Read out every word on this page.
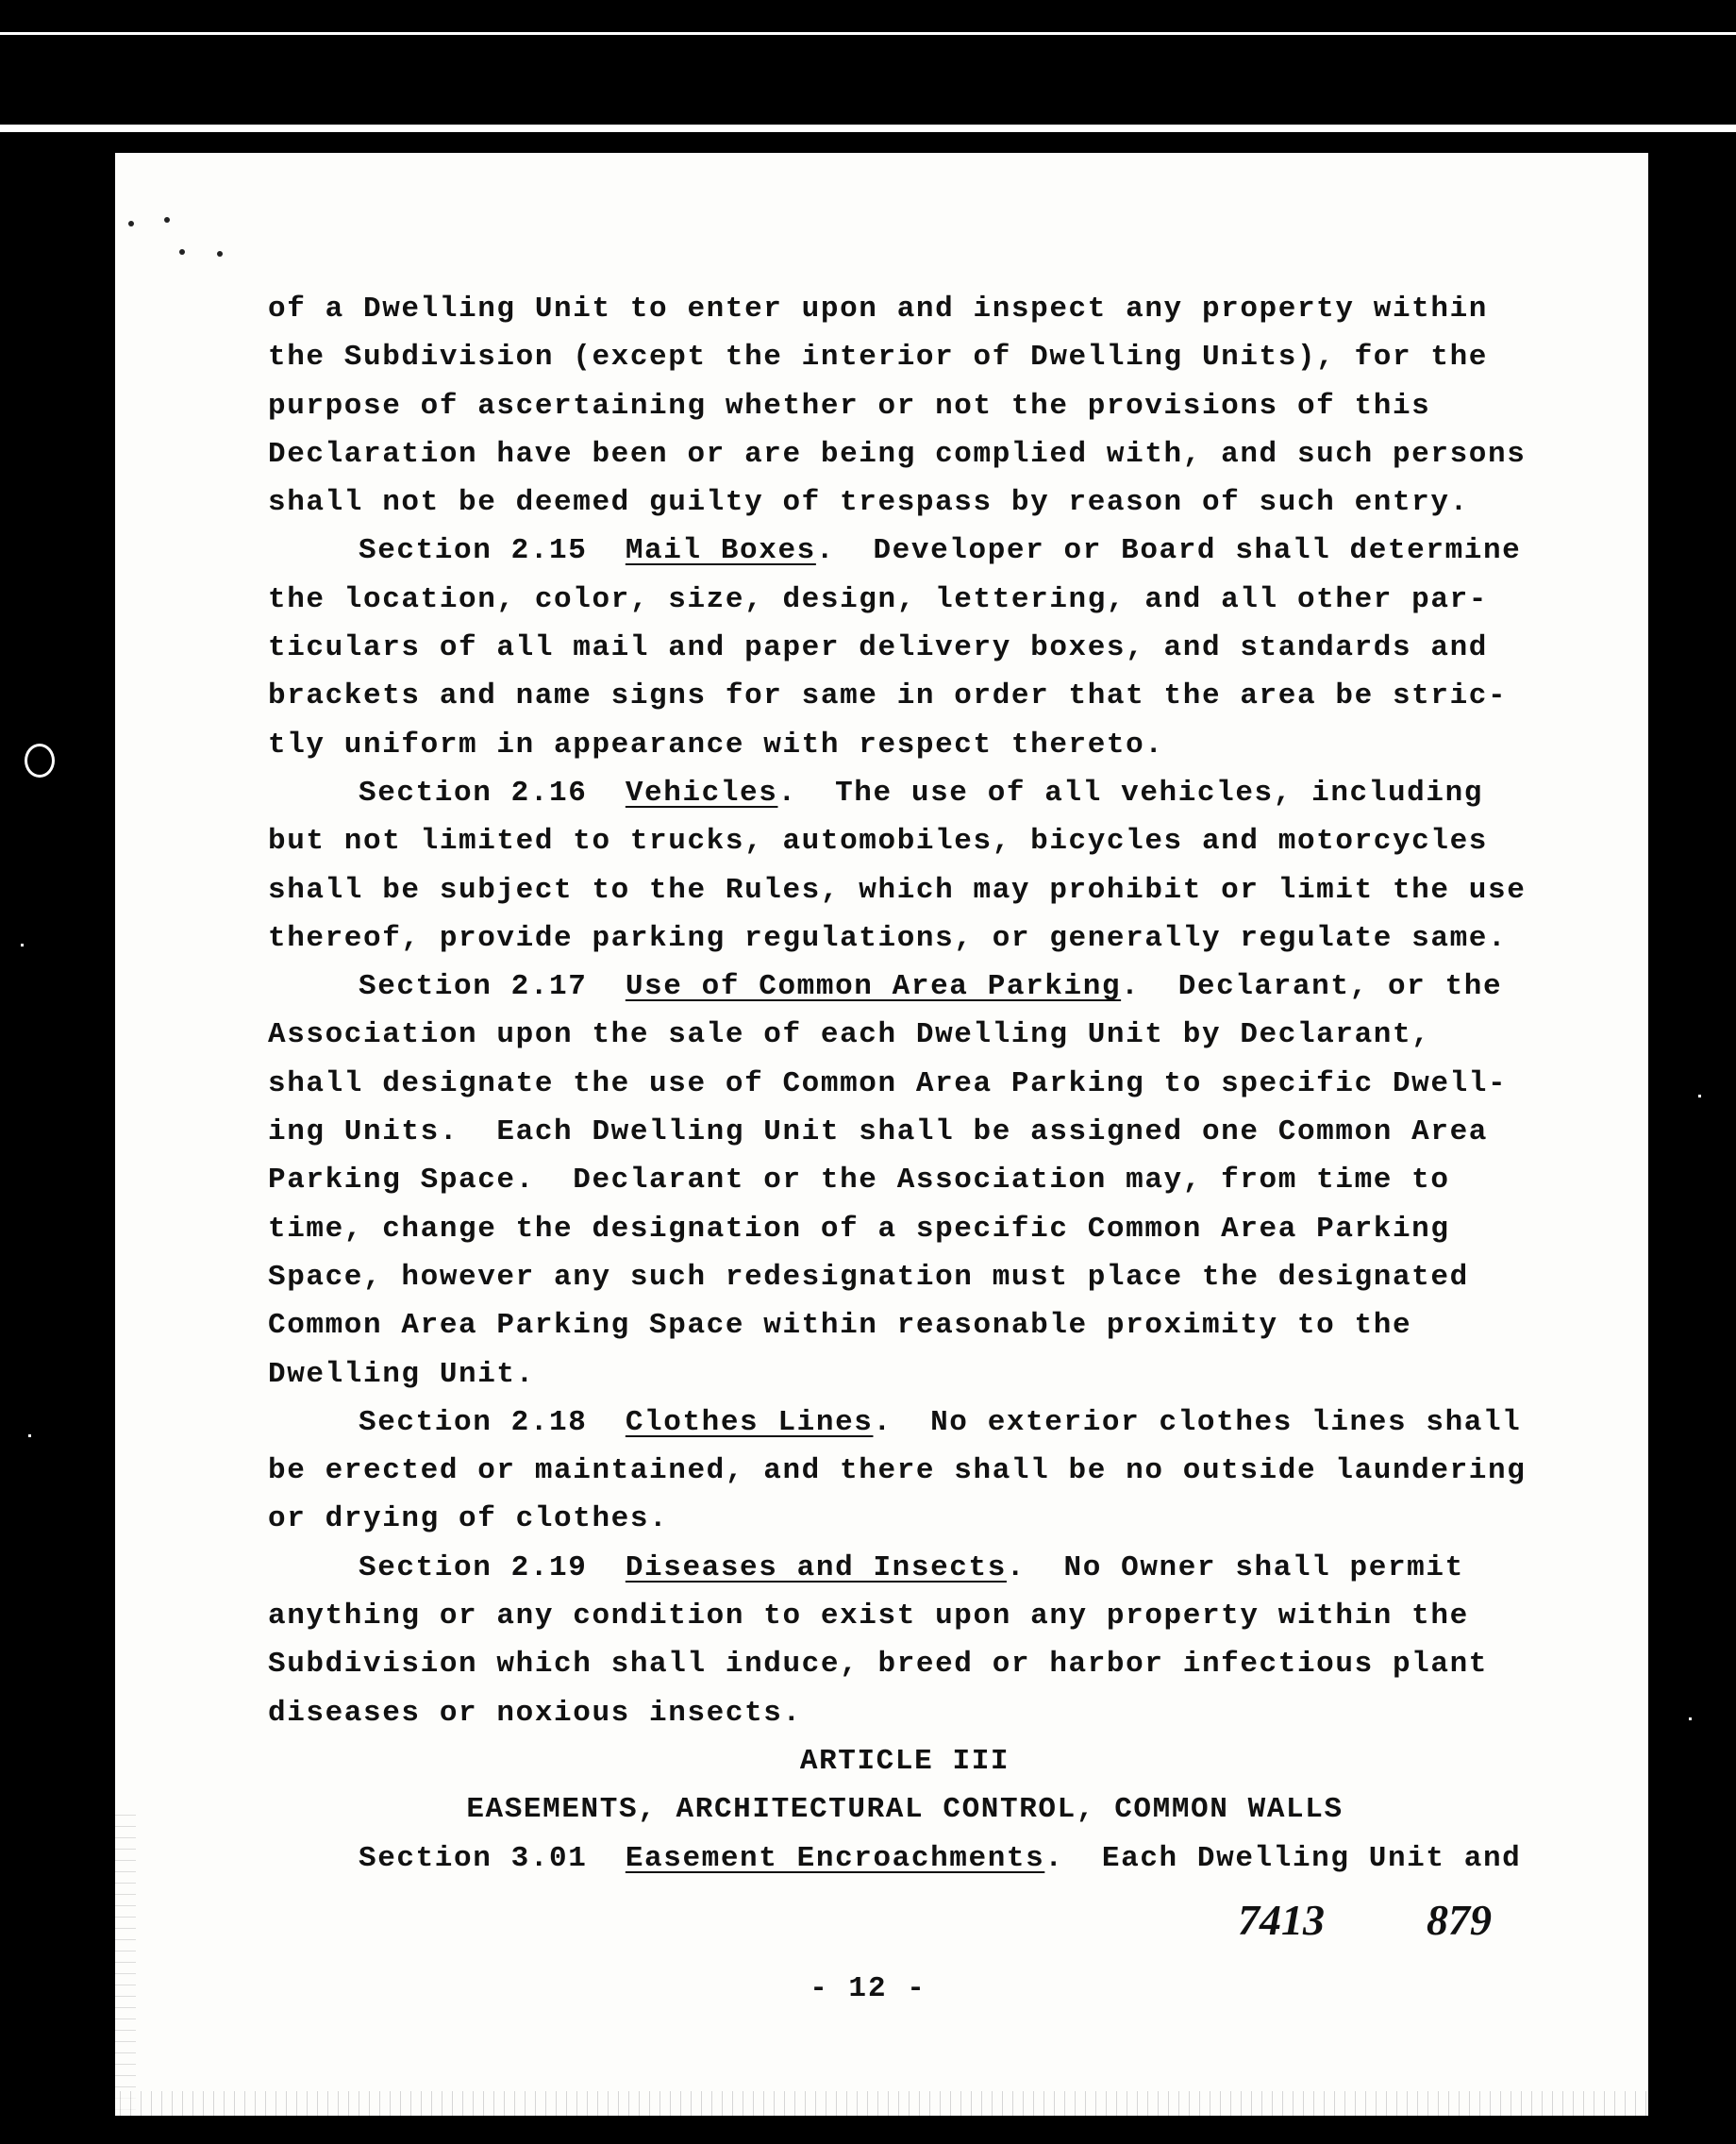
of a Dwelling Unit to enter upon and inspect any property within
the Subdivision (except the interior of Dwelling Units), for the
purpose of ascertaining whether or not the provisions of this
Declaration have been or are being complied with, and such persons
shall not be deemed guilty of trespass by reason of such entry.
Section 2.15 Mail Boxes.  Developer or Board shall determine
the location, color, size, design, lettering, and all other par-
ticulars of all mail and paper delivery boxes, and standards and
brackets and name signs for same in order that the area be stric-
tly uniform in appearance with respect thereto.
Section 2.16 Vehicles.  The use of all vehicles, including
but not limited to trucks, automobiles, bicycles and motorcycles
shall be subject to the Rules, which may prohibit or limit the use
thereof, provide parking regulations, or generally regulate same.
Section 2.17 Use of Common Area Parking.  Declarant, or the
Association upon the sale of each Dwelling Unit by Declarant,
shall designate the use of Common Area Parking to specific Dwell-
ing Units.  Each Dwelling Unit shall be assigned one Common Area
Parking Space.  Declarant or the Association may, from time to
time, change the designation of a specific Common Area Parking
Space, however any such redesignation must place the designated
Common Area Parking Space within reasonable proximity to the
Dwelling Unit.
Section 2.18 Clothes Lines.  No exterior clothes lines shall
be erected or maintained, and there shall be no outside laundering
or drying of clothes.
Section 2.19 Diseases and Insects.  No Owner shall permit
anything or any condition to exist upon any property within the
Subdivision which shall induce, breed or harbor infectious plant
diseases or noxious insects.
ARTICLE III
EASEMENTS, ARCHITECTURAL CONTROL, COMMON WALLS
Section 3.01 Easement Encroachments.  Each Dwelling Unit and
7413 879
- 12 -
